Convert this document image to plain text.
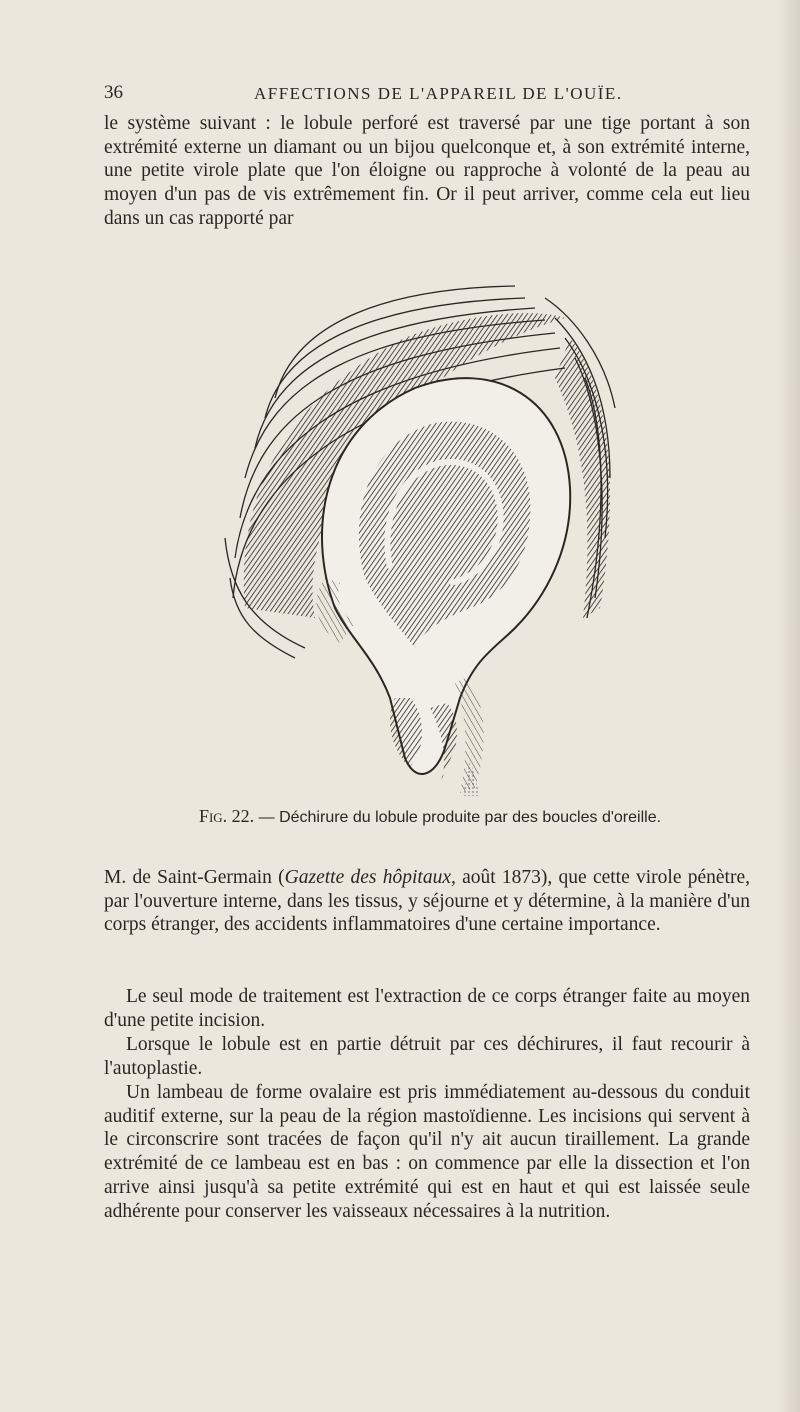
36	AFFECTIONS DE L'APPAREIL DE L'OUÏE.

le système suivant : le lobule perforé est traversé par une tige portant à son extrémité externe un diamant ou un bijou quelconque et, à son extrémité interne, une petite virole plate que l'on éloigne ou rapproche à volonté de la peau au moyen d'un pas de vis extrêmement fin. Or il peut arriver, comme cela eut lieu dans un cas rapporté par

Fig. 22. — Déchirure du lobule produite par des boucles d'oreille.

M. de Saint-Germain (Gazette des hôpitaux, août 1873), que cette virole pénètre, par l'ouverture interne, dans les tissus, y séjourne et y détermine, à la manière d'un corps étranger, des accidents inflammatoires d'une certaine importance.

Le seul mode de traitement est l'extraction de ce corps étranger faite au moyen d'une petite incision.

Lorsque le lobule est en partie détruit par ces déchirures, il faut recourir à l'autoplastie.

Un lambeau de forme ovalaire est pris immédiatement au-dessous du conduit auditif externe, sur la peau de la région mastoïdienne. Les incisions qui servent à le circonscrire sont tracées de façon qu'il n'y ait aucun tiraillement. La grande extrémité de ce lambeau est en bas : on commence par elle la dissection et l'on arrive ainsi jusqu'à sa petite extrémité qui est en haut et qui est laissée seule adhérente pour conserver les vaisseaux nécessaires à la nutrition.
